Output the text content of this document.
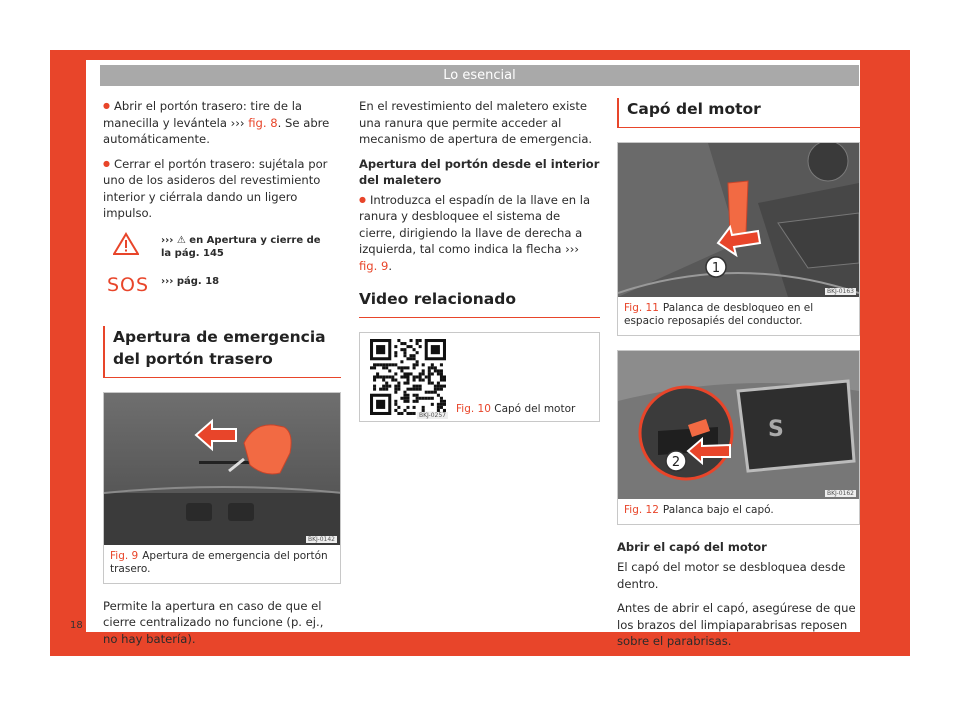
Lo esencial
18

● Abrir el portón trasero: tire de la manecilla y levántela ››› fig. 8. Se abre automáticamente.

● Cerrar el portón trasero: sujétala por uno de los asideros del revestimiento interior y ciérrala dando un ligero impulso.

››› ⚠ en Apertura y cierre de la pág. 145
SOS ››› pág. 18
Apertura de emergencia del portón trasero
BKJ-0142
Fig. 9 Apertura de emergencia del portón trasero.

Permite la apertura en caso de que el cierre centralizado no funcione (p. ej., no hay batería).

En el revestimiento del maletero existe una ranura que permite acceder al mecanismo de apertura de emergencia.

Apertura del portón desde el interior del maletero

● Introduzca el espadín de la llave en la ranura y desbloquee el sistema de cierre, dirigiendo la llave de derecha a izquierda, tal como indica la flecha ››› fig. 9.

Video relacionado
BKJ-0257
Fig. 10 Capó del motor
Capó del motor
1
BKJ-0163
Fig. 11 Palanca de desbloqueo en el espacio reposapiés del conductor.
S
2
BKJ-0162
Fig. 12 Palanca bajo el capó.

Abrir el capó del motor

El capó del motor se desbloquea desde dentro.

Antes de abrir el capó, asegúrese de que los brazos del limpiaparabrisas reposen sobre el parabrisas.
